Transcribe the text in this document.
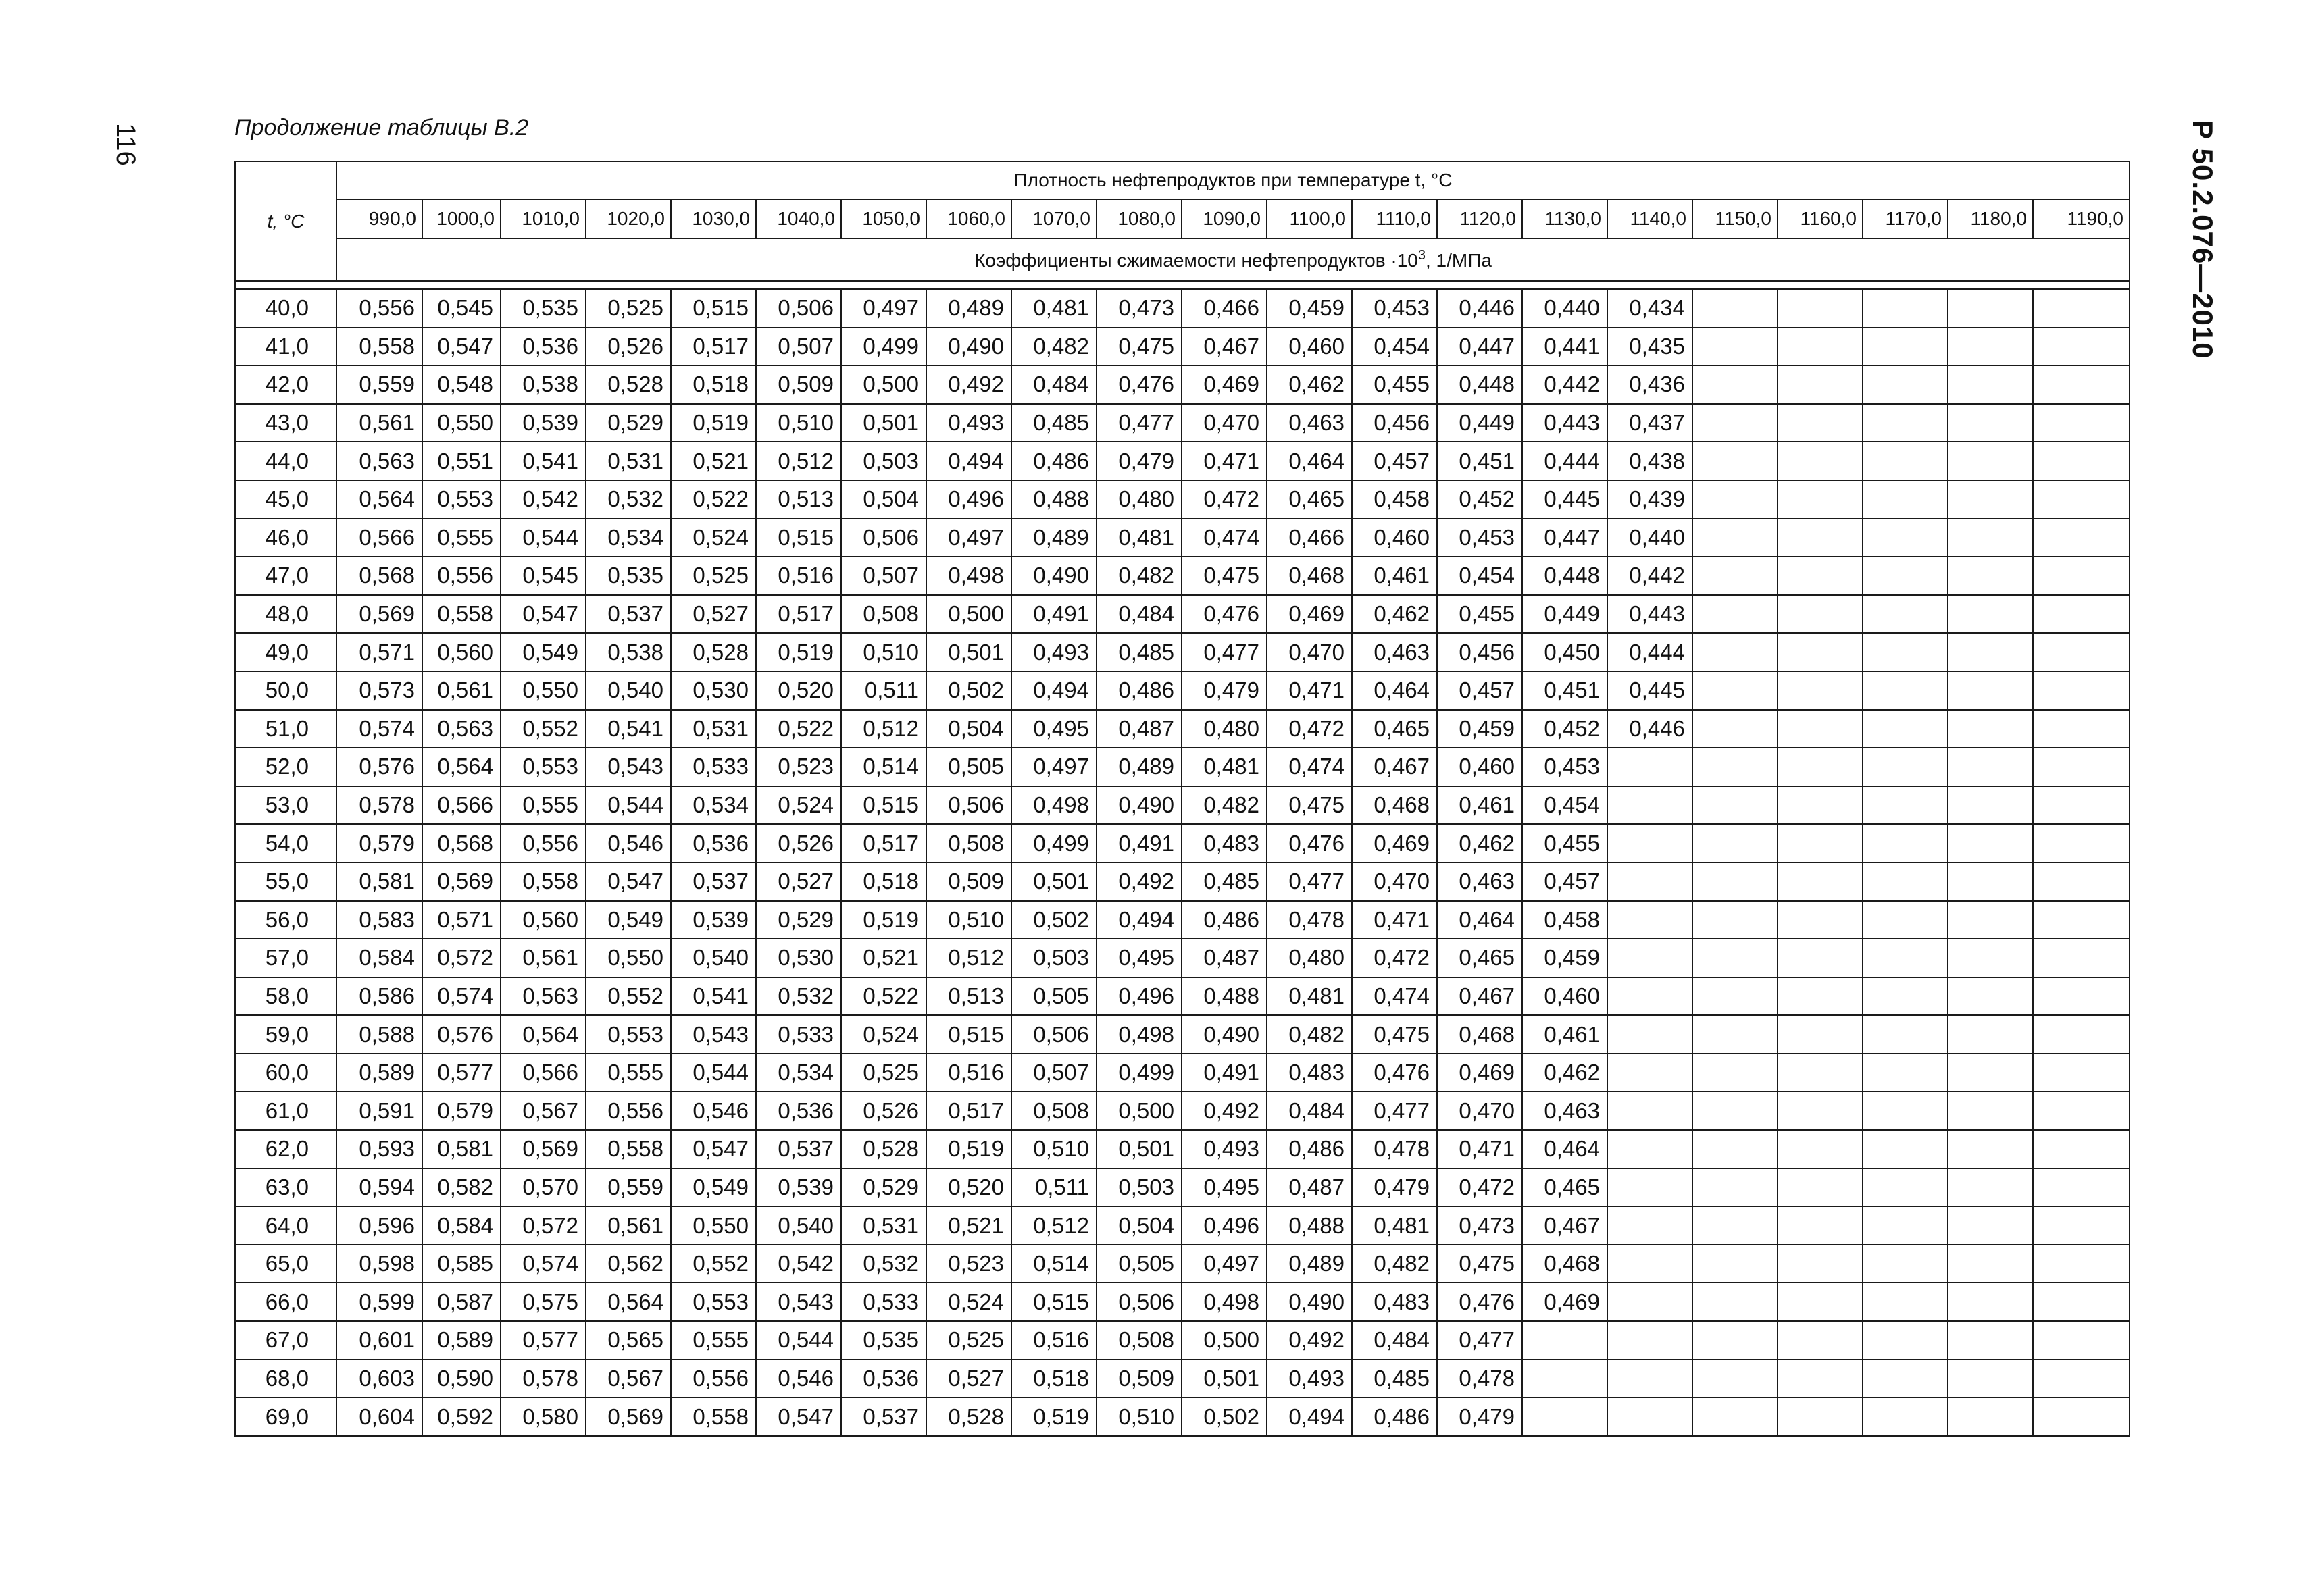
116	Р 50.2.076—2010
Продолжение таблицы В.2
t, °C	Плотность нефтепродуктов при температуре t, °C																				
	990,0	1000,0	1010,0	1020,0	1030,0	1040,0	1050,0	1060,0	1070,0	1080,0	1090,0	1100,0	1110,0	1120,0	1130,0	1140,0	1150,0	1160,0	1170,0	1180,0	1190,0
	Коэффициенты сжимаемости нефтепродуктов $\cdot 10^3$, 1/МПа																				

40,0	0,556	0,545	0,535	0,525	0,515	0,506	0,497	0,489	0,481	0,473	0,466	0,459	0,453	0,446	0,440	0,434					
41,0	0,558	0,547	0,536	0,526	0,517	0,507	0,499	0,490	0,482	0,475	0,467	0,460	0,454	0,447	0,441	0,435					
42,0	0,559	0,548	0,538	0,528	0,518	0,509	0,500	0,492	0,484	0,476	0,469	0,462	0,455	0,448	0,442	0,436					
43,0	0,561	0,550	0,539	0,529	0,519	0,510	0,501	0,493	0,485	0,477	0,470	0,463	0,456	0,449	0,443	0,437					
44,0	0,563	0,551	0,541	0,531	0,521	0,512	0,503	0,494	0,486	0,479	0,471	0,464	0,457	0,451	0,444	0,438					
45,0	0,564	0,553	0,542	0,532	0,522	0,513	0,504	0,496	0,488	0,480	0,472	0,465	0,458	0,452	0,445	0,439					
46,0	0,566	0,555	0,544	0,534	0,524	0,515	0,506	0,497	0,489	0,481	0,474	0,466	0,460	0,453	0,447	0,440					
47,0	0,568	0,556	0,545	0,535	0,525	0,516	0,507	0,498	0,490	0,482	0,475	0,468	0,461	0,454	0,448	0,442					
48,0	0,569	0,558	0,547	0,537	0,527	0,517	0,508	0,500	0,491	0,484	0,476	0,469	0,462	0,455	0,449	0,443					
49,0	0,571	0,560	0,549	0,538	0,528	0,519	0,510	0,501	0,493	0,485	0,477	0,470	0,463	0,456	0,450	0,444					
50,0	0,573	0,561	0,550	0,540	0,530	0,520	0,511	0,502	0,494	0,486	0,479	0,471	0,464	0,457	0,451	0,445					
51,0	0,574	0,563	0,552	0,541	0,531	0,522	0,512	0,504	0,495	0,487	0,480	0,472	0,465	0,459	0,452	0,446					
52,0	0,576	0,564	0,553	0,543	0,533	0,523	0,514	0,505	0,497	0,489	0,481	0,474	0,467	0,460	0,453						
53,0	0,578	0,566	0,555	0,544	0,534	0,524	0,515	0,506	0,498	0,490	0,482	0,475	0,468	0,461	0,454						
54,0	0,579	0,568	0,556	0,546	0,536	0,526	0,517	0,508	0,499	0,491	0,483	0,476	0,469	0,462	0,455						
55,0	0,581	0,569	0,558	0,547	0,537	0,527	0,518	0,509	0,501	0,492	0,485	0,477	0,470	0,463	0,457						
56,0	0,583	0,571	0,560	0,549	0,539	0,529	0,519	0,510	0,502	0,494	0,486	0,478	0,471	0,464	0,458						
57,0	0,584	0,572	0,561	0,550	0,540	0,530	0,521	0,512	0,503	0,495	0,487	0,480	0,472	0,465	0,459						
58,0	0,586	0,574	0,563	0,552	0,541	0,532	0,522	0,513	0,505	0,496	0,488	0,481	0,474	0,467	0,460						
59,0	0,588	0,576	0,564	0,553	0,543	0,533	0,524	0,515	0,506	0,498	0,490	0,482	0,475	0,468	0,461						
60,0	0,589	0,577	0,566	0,555	0,544	0,534	0,525	0,516	0,507	0,499	0,491	0,483	0,476	0,469	0,462						
61,0	0,591	0,579	0,567	0,556	0,546	0,536	0,526	0,517	0,508	0,500	0,492	0,484	0,477	0,470	0,463						
62,0	0,593	0,581	0,569	0,558	0,547	0,537	0,528	0,519	0,510	0,501	0,493	0,486	0,478	0,471	0,464						
63,0	0,594	0,582	0,570	0,559	0,549	0,539	0,529	0,520	0,511	0,503	0,495	0,487	0,479	0,472	0,465						
64,0	0,596	0,584	0,572	0,561	0,550	0,540	0,531	0,521	0,512	0,504	0,496	0,488	0,481	0,473	0,467						
65,0	0,598	0,585	0,574	0,562	0,552	0,542	0,532	0,523	0,514	0,505	0,497	0,489	0,482	0,475	0,468						
66,0	0,599	0,587	0,575	0,564	0,553	0,543	0,533	0,524	0,515	0,506	0,498	0,490	0,483	0,476	0,469						
67,0	0,601	0,589	0,577	0,565	0,555	0,544	0,535	0,525	0,516	0,508	0,500	0,492	0,484	0,477							
68,0	0,603	0,590	0,578	0,567	0,556	0,546	0,536	0,527	0,518	0,509	0,501	0,493	0,485	0,478							
69,0	0,604	0,592	0,580	0,569	0,558	0,547	0,537	0,528	0,519	0,510	0,502	0,494	0,486	0,479							
